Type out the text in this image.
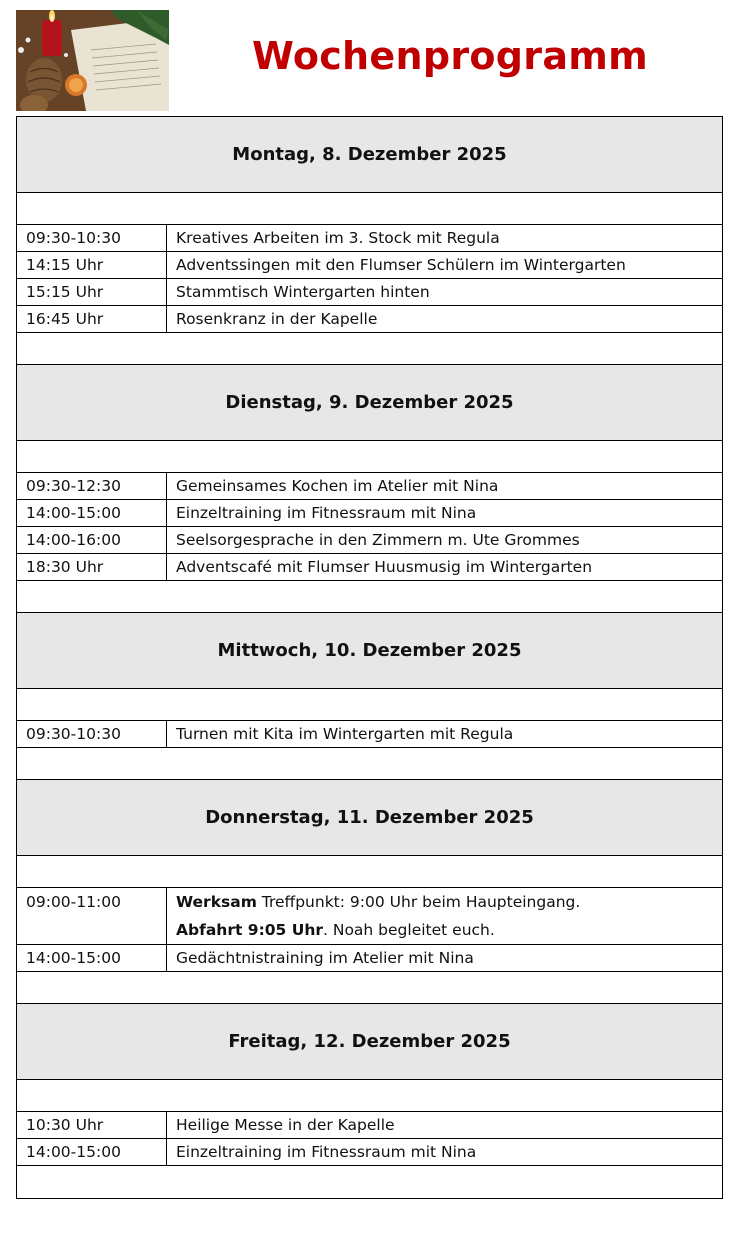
Wochenprogramm
Montag, 8. Dezember 2025
09:30-10:30	Kreatives Arbeiten im 3. Stock mit Regula
14:15 Uhr	Adventssingen mit den Flumser Schülern im Wintergarten
15:15 Uhr	Stammtisch Wintergarten hinten
16:45 Uhr	Rosenkranz in der Kapelle
Dienstag, 9. Dezember 2025
09:30-12:30	Gemeinsames Kochen im Atelier mit Nina
14:00-15:00	Einzeltraining im Fitnessraum mit Nina
14:00-16:00	Seelsorgesprache in den Zimmern m. Ute Grommes
18:30 Uhr	Adventscafé mit Flumser Huusmusig im Wintergarten
Mittwoch, 10. Dezember 2025
09:30-10:30	Turnen mit Kita im Wintergarten mit Regula
Donnerstag, 11. Dezember 2025
09:00-11:00	Werksam Treffpunkt: 9:00 Uhr beim Haupteingang.
Abfahrt 9:05 Uhr. Noah begleitet euch.
14:00-15:00	Gedächtnistraining im Atelier mit Nina
Freitag, 12. Dezember 2025
10:30 Uhr	Heilige Messe in der Kapelle
14:00-15:00	Einzeltraining im Fitnessraum mit Nina
